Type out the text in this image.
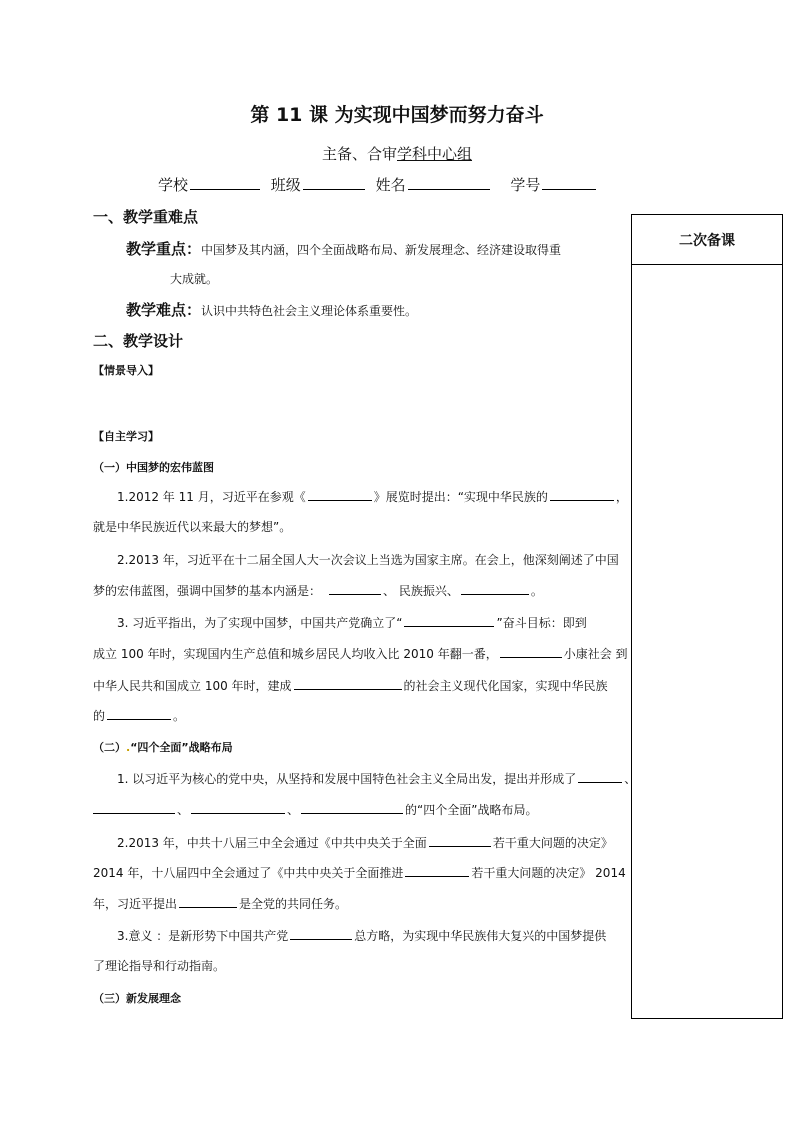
第 11 课 为实现中国梦而努力奋斗
主备、合审学科中心组
学校	班级	姓名	学号
二次备课
一、教学重难点
教学重点：中国梦及其内涵，四个全面战略布局、新发展理念、经济建设取得重
大成就。
教学难点：认识中共特色社会主义理论体系重要性。
二、教学设计
【情景导入】
【自主学习】
（一）中国梦的宏伟蓝图
1.2012 年 11 月，习近平在参观《	》展览时提出：“实现中华民族的	，
就是中华民族近代以来最大的梦想”。
2.2013 年，习近平在十二届全国人大一次会议上当选为国家主席。在会上，他深刻阐述了中国
梦的宏伟蓝图，强调中国梦的基本内涵是：	、 民族振兴、	。
3. 习近平指出，为了实现中国梦，中国共产党确立了“	”奋斗目标：即到
成立 100 年时，实现国内生产总值和城乡居民人均收入比 2010 年翻一番，	小康社会 到
中华人民共和国成立 100 年时，建成	的社会主义现代化国家，实现中华民族
的	。
（二）.“四个全面”战略布局
1. 以习近平为核心的党中央，从坚持和发展中国特色社会主义全局出发，提出并形成了	、
、	、	的“四个全面”战略布局。
2.2013 年，中共十八届三中全会通过《中共中央关于全面	若干重大问题的决定》
2014 年，十八届四中全会通过了《中共中央关于全面推进	若干重大问题的决定》 2014
年，习近平提出	是全党的共同任务。
3.意义 ：是新形势下中国共产党	总方略，为实现中华民族伟大复兴的中国梦提供
了理论指导和行动指南。
（三）新发展理念
